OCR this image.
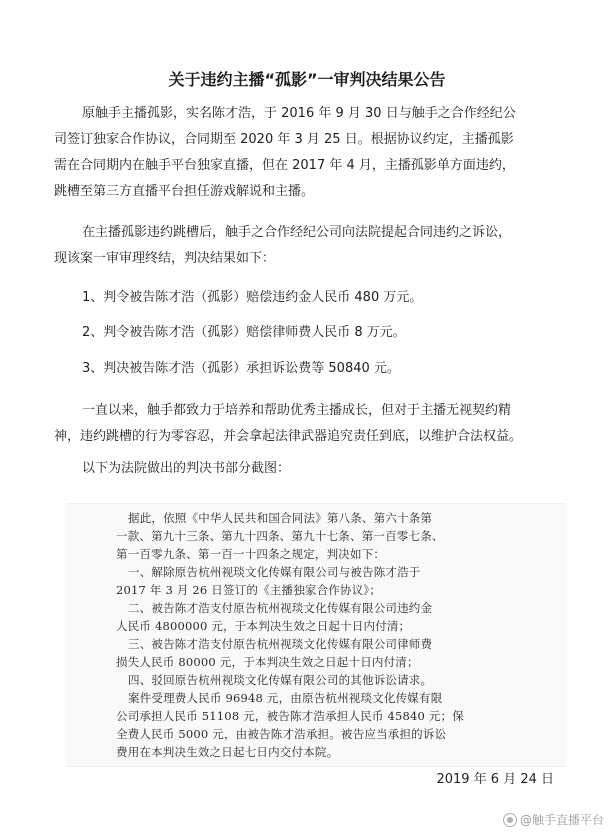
关于违约主播“孤影”一审判决结果公告
原触手主播孤影，实名陈才浩，于 2016 年 9 月 30 日与触手之合作经纪公
司签订独家合作协议，合同期至 2020 年 3 月 25 日。根据协议约定，主播孤影
需在合同期内在触手平台独家直播，但在 2017 年 4 月，主播孤影单方面违约，
跳槽至第三方直播平台担任游戏解说和主播。
在主播孤影违约跳槽后，触手之合作经纪公司向法院提起合同违约之诉讼，
现该案一审审理终结，判决结果如下：
1、判令被告陈才浩（孤影）赔偿违约金人民币 480 万元。
2、判令被告陈才浩（孤影）赔偿律师费人民币 8 万元。
3、判决被告陈才浩（孤影）承担诉讼费等 50840 元。
一直以来，触手都致力于培养和帮助优秀主播成长，但对于主播无视契约精
神，违约跳槽的行为零容忍，并会拿起法律武器追究责任到底，以维护合法权益。
以下为法院做出的判决书部分截图：
据此，依照《中华人民共和国合同法》第八条、第六十条第
一款、第九十三条、第九十四条、第九十七条、第一百零七条、
第一百零九条、第一百一十四条之规定，判决如下：
一、解除原告杭州视琰文化传媒有限公司与被告陈才浩于
2017 年 3 月 26 日签订的《主播独家合作协议》；
二、被告陈才浩支付原告杭州视琰文化传媒有限公司违约金
人民币 4800000 元，于本判决生效之日起十日内付清；
三、被告陈才浩支付原告杭州视琰文化传媒有限公司律师费
损失人民币 80000 元，于本判决生效之日起十日内付清；
四、驳回原告杭州视琰文化传媒有限公司的其他诉讼请求。
案件受理费人民币 96948 元，由原告杭州视琰文化传媒有限
公司承担人民币 51108 元，被告陈才浩承担人民币 45840 元；保
全费人民币 5000 元，由被告陈才浩承担。被告应当承担的诉讼
费用在本判决生效之日起七日内交付本院。
2019 年 6 月 24 日
@触手直播平台
